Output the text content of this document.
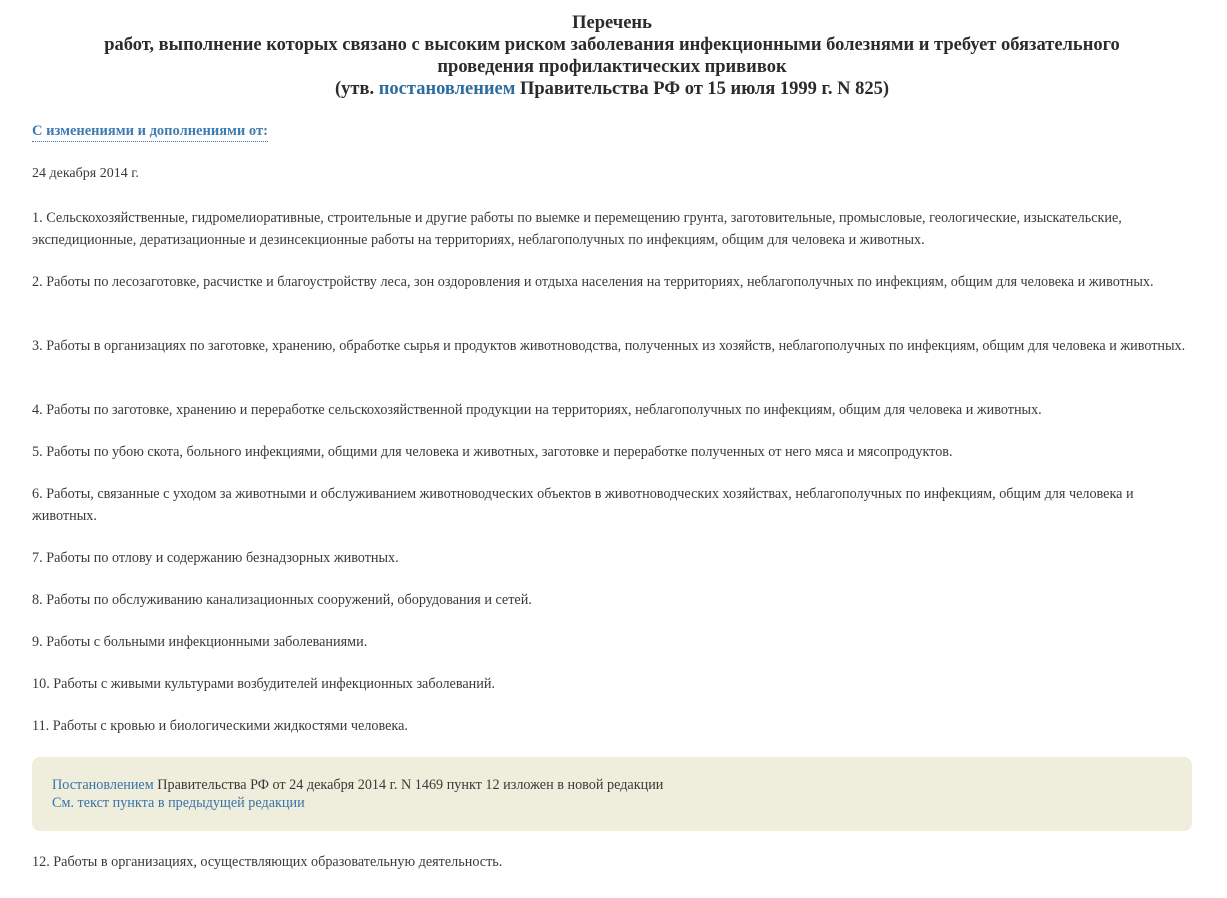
Перечень
работ, выполнение которых связано с высоким риском заболевания инфекционными болезнями и требует обязательного
проведения профилактических прививок
(утв. постановлением Правительства РФ от 15 июля 1999 г. N 825)
С изменениями и дополнениями от:
24 декабря 2014 г.
1. Сельскохозяйственные, гидромелиоративные, строительные и другие работы по выемке и перемещению грунта, заготовительные, промысловые, геологические, изыскательские, экспедиционные, дератизационные и дезинсекционные работы на территориях, неблагополучных по инфекциям, общим для человека и животных.
2. Работы по лесозаготовке, расчистке и благоустройству леса, зон оздоровления и отдыха населения на территориях, неблагополучных по инфекциям, общим для человека и животных.
3. Работы в организациях по заготовке, хранению, обработке сырья и продуктов животноводства, полученных из хозяйств, неблагополучных по инфекциям, общим для человека и животных.
4. Работы по заготовке, хранению и переработке сельскохозяйственной продукции на территориях, неблагополучных по инфекциям, общим для человека и животных.
5. Работы по убою скота, больного инфекциями, общими для человека и животных, заготовке и переработке полученных от него мяса и мясопродуктов.
6. Работы, связанные с уходом за животными и обслуживанием животноводческих объектов в животноводческих хозяйствах, неблагополучных по инфекциям, общим для человека и животных.
7. Работы по отлову и содержанию безнадзорных животных.
8. Работы по обслуживанию канализационных сооружений, оборудования и сетей.
9. Работы с больными инфекционными заболеваниями.
10. Работы с живыми культурами возбудителей инфекционных заболеваний.
11. Работы с кровью и биологическими жидкостями человека.
Постановлением Правительства РФ от 24 декабря 2014 г. N 1469 пункт 12 изложен в новой редакции
См. текст пункта в предыдущей редакции
12. Работы в организациях, осуществляющих образовательную деятельность.
